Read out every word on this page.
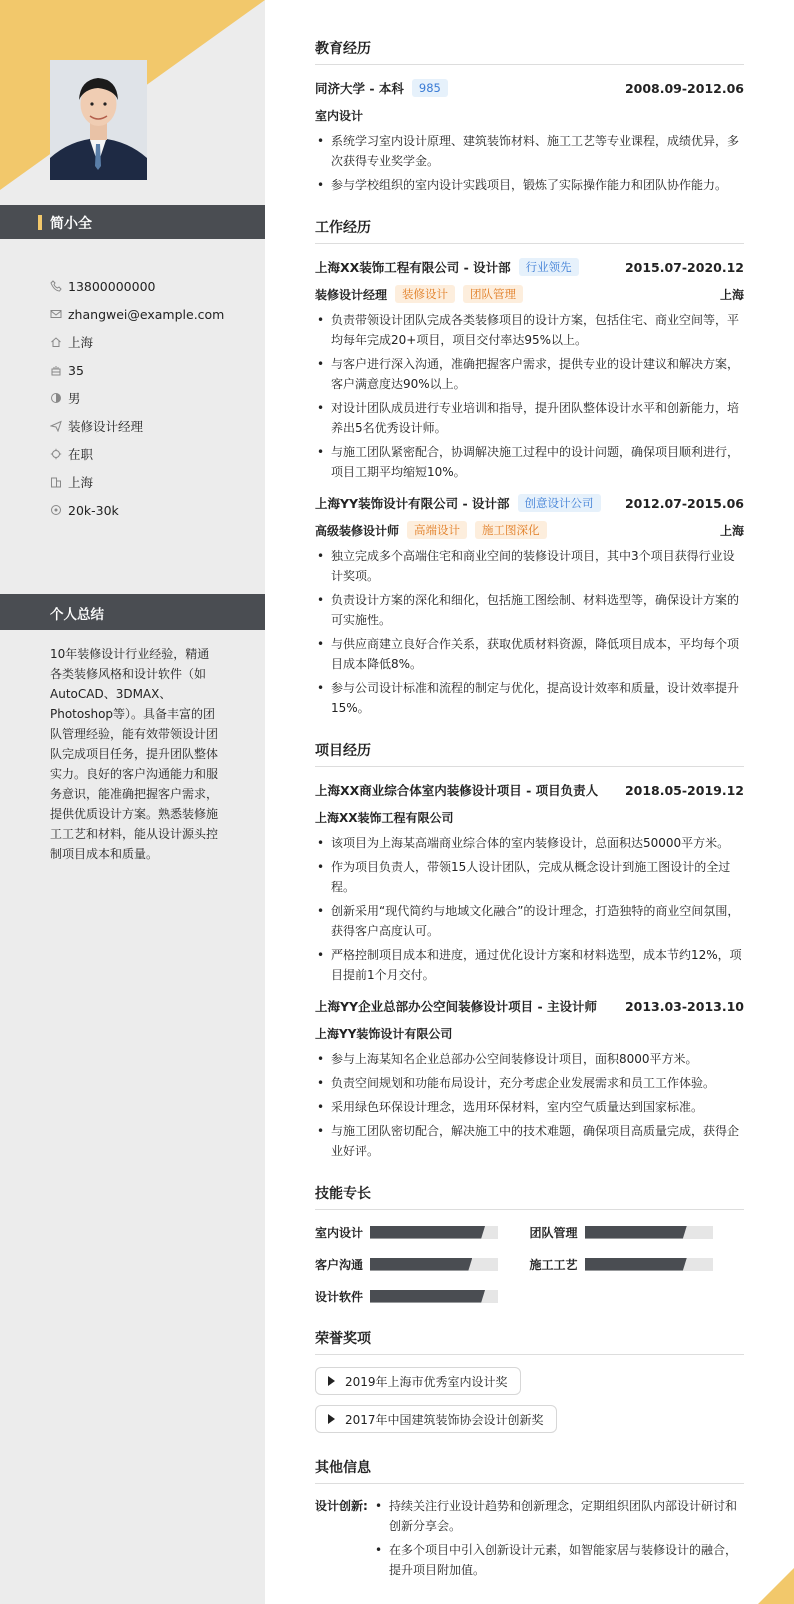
简小全
13800000000
zhangwei@example.com
上海
35
男
装修设计经理
在职
上海
20k-30k
个人总结
10年装修设计行业经验，精通各类装修风格和设计软件（如AutoCAD、3DMAX、Photoshop等）。具备丰富的团队管理经验，能有效带领设计团队完成项目任务，提升团队整体实力。良好的客户沟通能力和服务意识，能准确把握客户需求，提供优质设计方案。熟悉装修施工工艺和材料，能从设计源头控制项目成本和质量。
教育经历
同济大学 - 本科	985	2008.09-2012.06
室内设计
• 系统学习室内设计原理、建筑装饰材料、施工工艺等专业课程，成绩优异，多次获得专业奖学金。
• 参与学校组织的室内设计实践项目，锻炼了实际操作能力和团队协作能力。
工作经历
上海XX装饰工程有限公司 - 设计部	行业领先	2015.07-2020.12
装修设计经理	装修设计	团队管理	上海
• 负责带领设计团队完成各类装修项目的设计方案，包括住宅、商业空间等，平均每年完成20+项目，项目交付率达95%以上。
• 与客户进行深入沟通，准确把握客户需求，提供专业的设计建议和解决方案，客户满意度达90%以上。
• 对设计团队成员进行专业培训和指导，提升团队整体设计水平和创新能力，培养出5名优秀设计师。
• 与施工团队紧密配合，协调解决施工过程中的设计问题，确保项目顺利进行，项目工期平均缩短10%。
上海YY装饰设计有限公司 - 设计部	创意设计公司	2012.07-2015.06
高级装修设计师	高端设计	施工图深化	上海
• 独立完成多个高端住宅和商业空间的装修设计项目，其中3个项目获得行业设计奖项。
• 负责设计方案的深化和细化，包括施工图绘制、材料选型等，确保设计方案的可实施性。
• 与供应商建立良好合作关系，获取优质材料资源，降低项目成本，平均每个项目成本降低8%。
• 参与公司设计标准和流程的制定与优化，提高设计效率和质量，设计效率提升15%。
项目经历
上海XX商业综合体室内装修设计项目 - 项目负责人 2018.05-2019.12
上海XX装饰工程有限公司
• 该项目为上海某高端商业综合体的室内装修设计，总面积达50000平方米。
• 作为项目负责人，带领15人设计团队，完成从概念设计到施工图设计的全过程。
• 创新采用“现代简约与地域文化融合”的设计理念，打造独特的商业空间氛围，获得客户高度认可。
• 严格控制项目成本和进度，通过优化设计方案和材料选型，成本节约12%，项目提前1个月交付。
上海YY企业总部办公空间装修设计项目 - 主设计师 2013.03-2013.10
上海YY装饰设计有限公司
• 参与上海某知名企业总部办公空间装修设计项目，面积8000平方米。
• 负责空间规划和功能布局设计，充分考虑企业发展需求和员工工作体验。
• 采用绿色环保设计理念，选用环保材料，室内空气质量达到国家标准。
• 与施工团队密切配合，解决施工中的技术难题，确保项目高质量完成，获得企业好评。
技能专长
室内设计	团队管理
客户沟通	施工工艺
设计软件
荣誉奖项
2019年上海市优秀室内设计奖
2017年中国建筑装饰协会设计创新奖
其他信息
设计创新:
•	持续关注行业设计趋势和创新理念，定期组织团队内部设计研讨和创新分享会。
• 在多个项目中引入创新设计元素，如智能家居与装修设计的融合，提升项目附加值。
